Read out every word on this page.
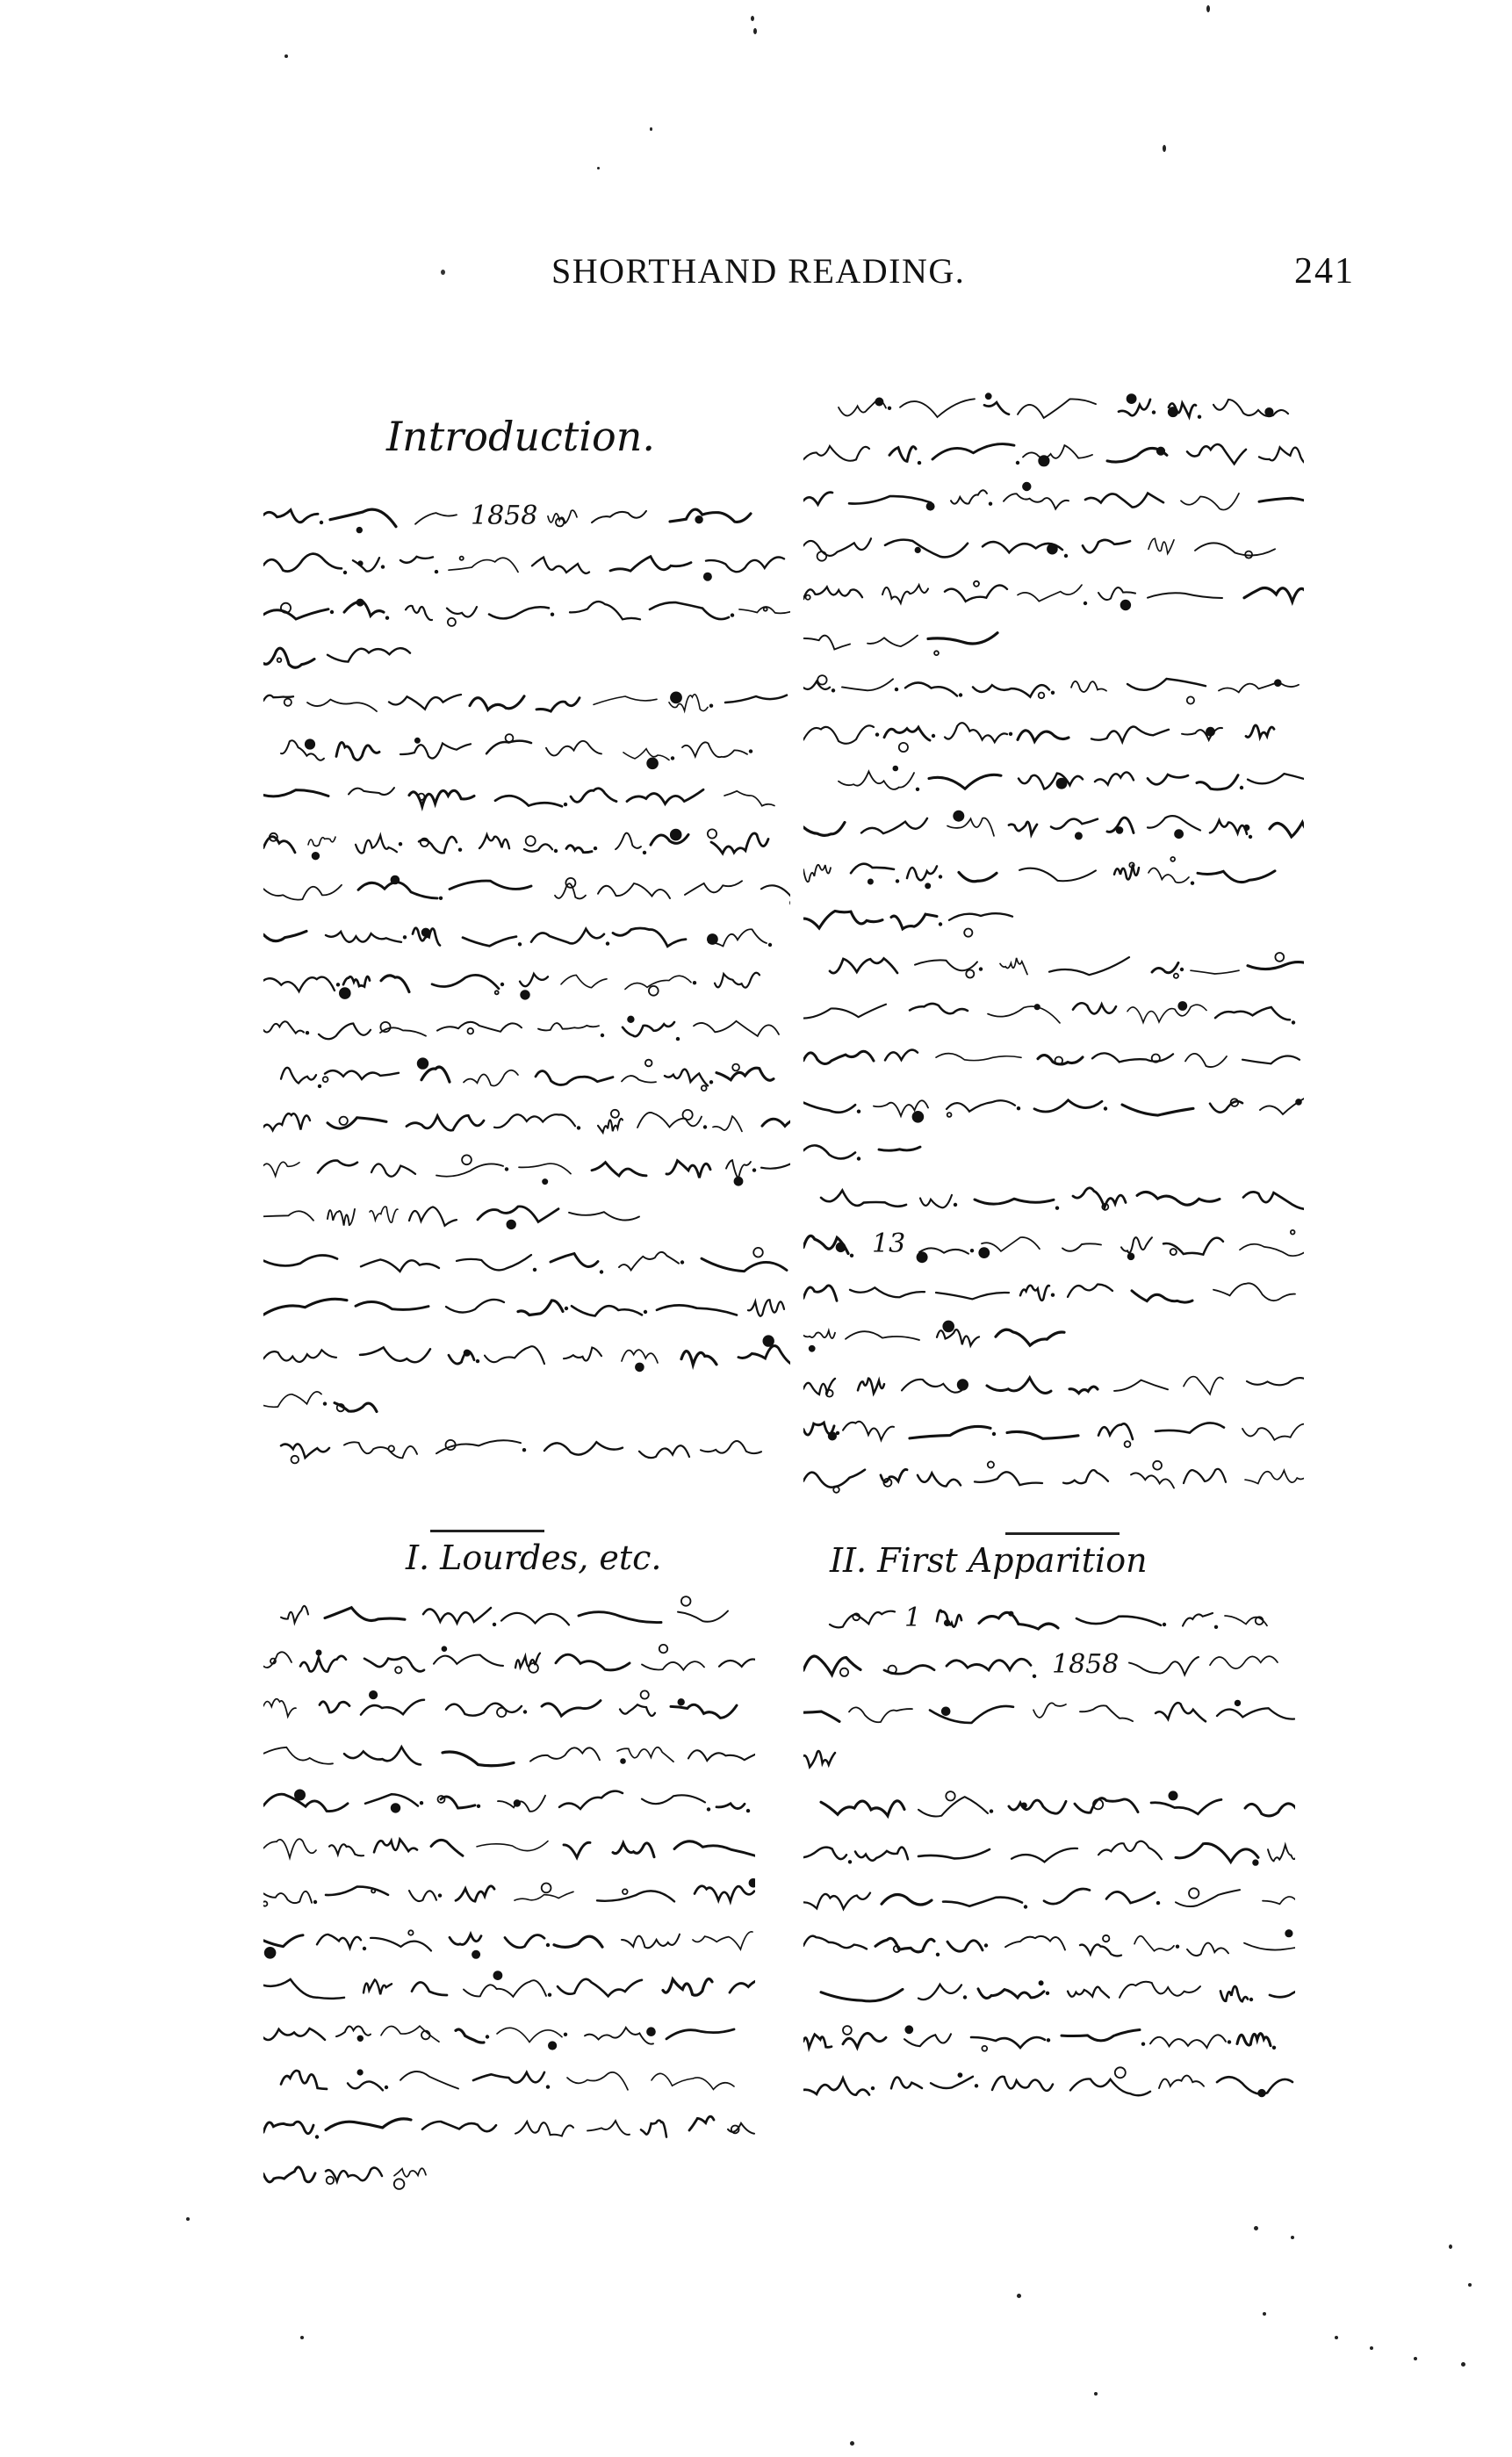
SHORTHAND READING.	241
Introduction.
1858
I. Lourdes, etc.
13
II. First Apparition
1
1858
